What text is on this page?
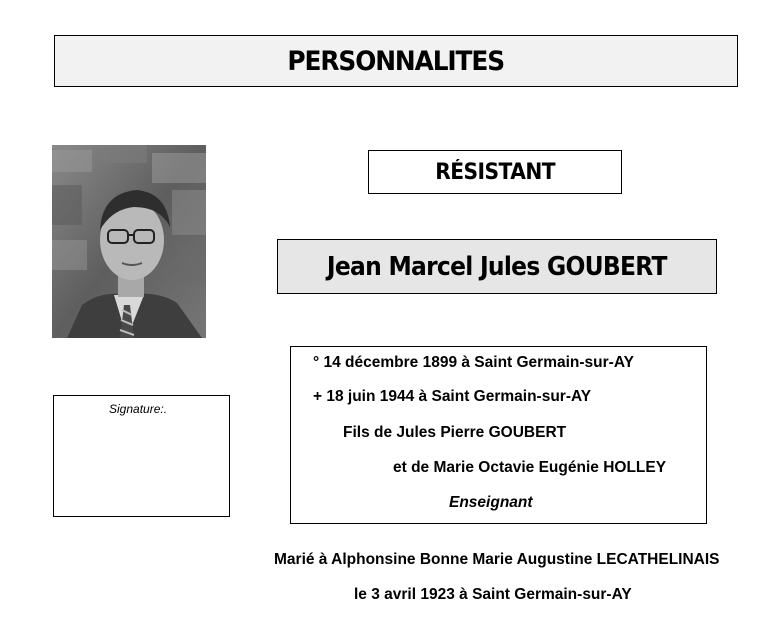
PERSONNALITES
RÉSISTANT
Jean Marcel Jules GOUBERT
Signature:.
° 14 décembre 1899 à Saint Germain-sur-AY
+ 18 juin 1944 à Saint Germain-sur-AY
Fils de Jules Pierre GOUBERT
et de Marie Octavie Eugénie HOLLEY
Enseignant
Marié à Alphonsine Bonne Marie Augustine LECATHELINAIS
le 3 avril 1923 à Saint Germain-sur-AY
